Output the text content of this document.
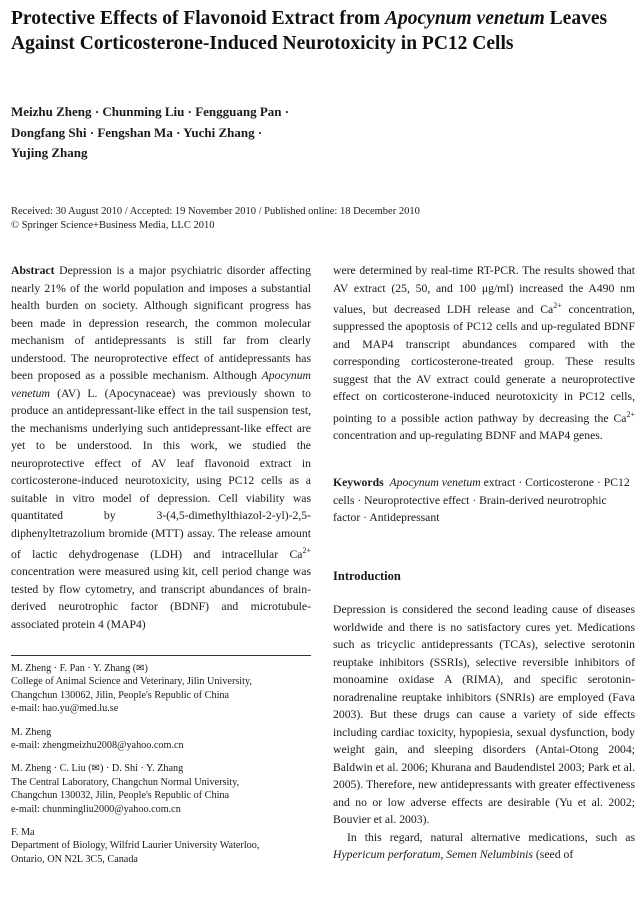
Protective Effects of Flavonoid Extract from Apocynum venetum Leaves Against Corticosterone-Induced Neurotoxicity in PC12 Cells
Meizhu Zheng · Chunming Liu · Fengguang Pan ·
Dongfang Shi · Fengshan Ma · Yuchi Zhang ·
Yujing Zhang
Received: 30 August 2010 / Accepted: 19 November 2010 / Published online: 18 December 2010
© Springer Science+Business Media, LLC 2010

Abstract Depression is a major psychiatric disorder affecting nearly 21% of the world population and imposes a substantial health burden on society. Although significant progress has been made in depression research, the common molecular mechanism of antidepressants is still far from clearly understood. The neuroprotective effect of antidepressants has been proposed as a possible mechanism. Although Apocynum venetum (AV) L. (Apocynaceae) was previously shown to produce an antidepressant-like effect in the tail suspension test, the mechanisms underlying such antidepressant-like effect are yet to be understood. In this work, we studied the neuroprotective effect of AV leaf flavonoid extract in corticosterone-induced neurotoxicity, using PC12 cells as a suitable in vitro model of depression. Cell viability was quantitated by 3-(4,5-dimethylthiazol-2-yl)-2,5-diphenyltetrazolium bromide (MTT) assay. The release amount of lactic dehydrogenase (LDH) and intracellular $Ca^{2+}$ concentration were measured using kit, cell period change was tested by flow cytometry, and transcript abundances of brain-derived neurotrophic factor (BDNF) and microtubule-associated protein 4 (MAP4)

M. Zheng · F. Pan · Y. Zhang (✉)
College of Animal Science and Veterinary, Jilin University,
Changchun 130062, Jilin, People's Republic of China
e-mail: hao.yu@med.lu.se
M. Zheng
e-mail: zhengmeizhu2008@yahoo.com.cn
M. Zheng · C. Liu (✉) · D. Shi · Y. Zhang
The Central Laboratory, Changchun Normal University,
Changchun 130032, Jilin, People's Republic of China
e-mail: chunmingliu2000@yahoo.com.cn
F. Ma
Department of Biology, Wilfrid Laurier University Waterloo,
Ontario, ON N2L 3C5, Canada

were determined by real-time RT-PCR. The results showed that AV extract (25, 50, and 100 μg/ml) increased the A490 nm values, but decreased LDH release and $Ca^{2+}$ concentration, suppressed the apoptosis of PC12 cells and up-regulated BDNF and MAP4 transcript abundances compared with the corresponding corticosterone-treated group. These results suggest that the AV extract could generate a neuroprotective effect on corticosterone-induced neurotoxicity in PC12 cells, pointing to a possible action pathway by decreasing the $Ca^{2+}$ concentration and up-regulating BDNF and MAP4 genes.

Keywords Apocynum venetum extract · Corticosterone · PC12 cells · Neuroprotective effect · Brain-derived neurotrophic factor · Antidepressant
Introduction

Depression is considered the second leading cause of diseases worldwide and there is no satisfactory cures yet. Medications such as tricyclic antidepressants (TCAs), selective serotonin reuptake inhibitors (SSRIs), selective reversible inhibitors of monoamine oxidase A (RIMA), and specific serotonin-noradrenaline reuptake inhibitors (SNRIs) are employed (Fava 2003). But these drugs can cause a variety of side effects including cardiac toxicity, hypopiesia, sexual dysfunction, body weight gain, and sleeping disorders (Antai-Otong 2004; Baldwin et al. 2006; Khurana and Baudendistel 2003; Park et al. 2005). Therefore, new antidepressants with greater effectiveness and no or low adverse effects are desirable (Yu et al. 2002; Bouvier et al. 2003).

In this regard, natural alternative medications, such as Hypericum perforatum, Semen Nelumbinis (seed of
